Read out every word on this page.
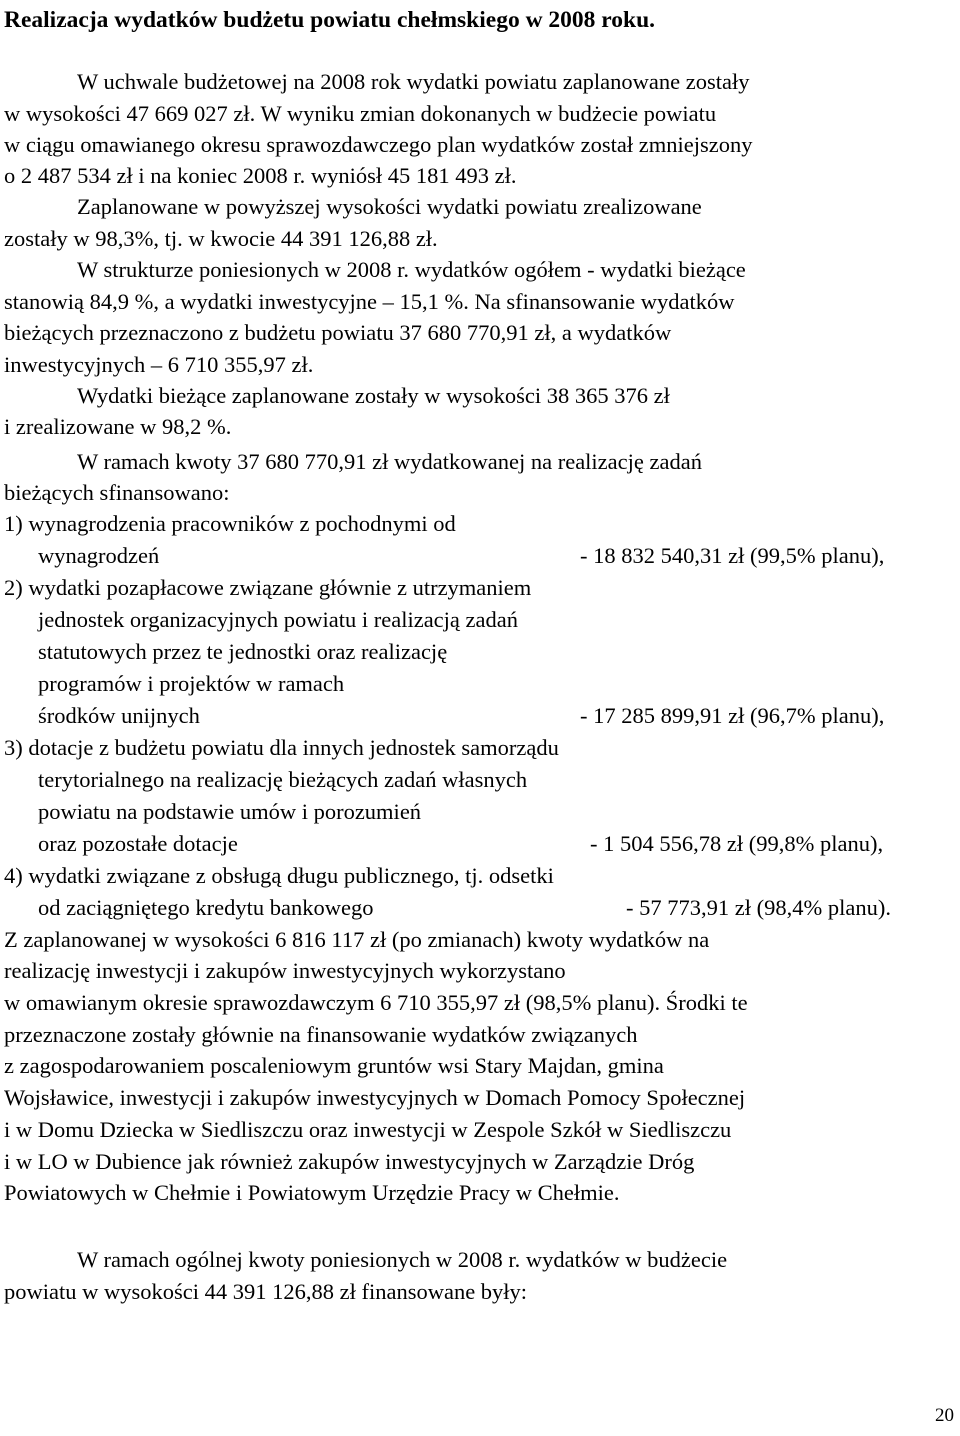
Realizacja wydatków budżetu powiatu chełmskiego w 2008 roku.
W uchwale budżetowej na 2008 rok wydatki powiatu zaplanowane zostały
w wysokości 47 669 027 zł. W wyniku zmian dokonanych w budżecie powiatu
w ciągu omawianego okresu sprawozdawczego plan wydatków został zmniejszony
o 2 487 534 zł i na koniec 2008 r. wyniósł 45 181 493 zł.
Zaplanowane w powyższej wysokości wydatki powiatu zrealizowane
zostały w 98,3%, tj. w kwocie 44 391 126,88 zł.
W strukturze poniesionych w 2008 r. wydatków ogółem - wydatki bieżące
stanowią 84,9 %, a wydatki inwestycyjne – 15,1 %. Na sfinansowanie wydatków
bieżących przeznaczono z budżetu powiatu 37 680 770,91 zł, a wydatków
inwestycyjnych – 6 710 355,97 zł.
Wydatki bieżące zaplanowane zostały w wysokości 38 365 376 zł
i zrealizowane w 98,2 %.
W ramach kwoty 37 680 770,91 zł wydatkowanej na realizację zadań
bieżących sfinansowano:
1) wynagrodzenia pracowników z pochodnymi od
wynagrodzeń	- 18 832 540,31 zł (99,5% planu),
2) wydatki pozapłacowe związane głównie z utrzymaniem
jednostek organizacyjnych powiatu i realizacją zadań
statutowych przez te jednostki oraz realizację
programów i projektów w ramach
środków unijnych	- 17 285 899,91 zł (96,7% planu),
3) dotacje z budżetu powiatu dla innych jednostek samorządu
terytorialnego na realizację bieżących zadań własnych
powiatu na podstawie umów i porozumień
oraz pozostałe dotacje	- 1 504 556,78 zł (99,8% planu),
4) wydatki związane z obsługą długu publicznego, tj. odsetki
od zaciągniętego kredytu bankowego	- 57 773,91 zł (98,4% planu).
Z zaplanowanej w wysokości 6 816 117 zł (po zmianach) kwoty wydatków na
realizację inwestycji i zakupów inwestycyjnych wykorzystano
w omawianym okresie sprawozdawczym 6 710 355,97 zł (98,5% planu). Środki te
przeznaczone zostały głównie na finansowanie wydatków związanych
z zagospodarowaniem poscaleniowym gruntów wsi Stary Majdan, gmina
Wojsławice, inwestycji i zakupów inwestycyjnych w Domach Pomocy Społecznej
i w Domu Dziecka w Siedliszczu oraz inwestycji w Zespole Szkół w Siedliszczu
i w LO w Dubience jak również zakupów inwestycyjnych w Zarządzie Dróg
Powiatowych w Chełmie i Powiatowym Urzędzie Pracy w Chełmie.
W ramach ogólnej kwoty poniesionych w 2008 r. wydatków w budżecie
powiatu w wysokości 44 391 126,88 zł finansowane były:
20
